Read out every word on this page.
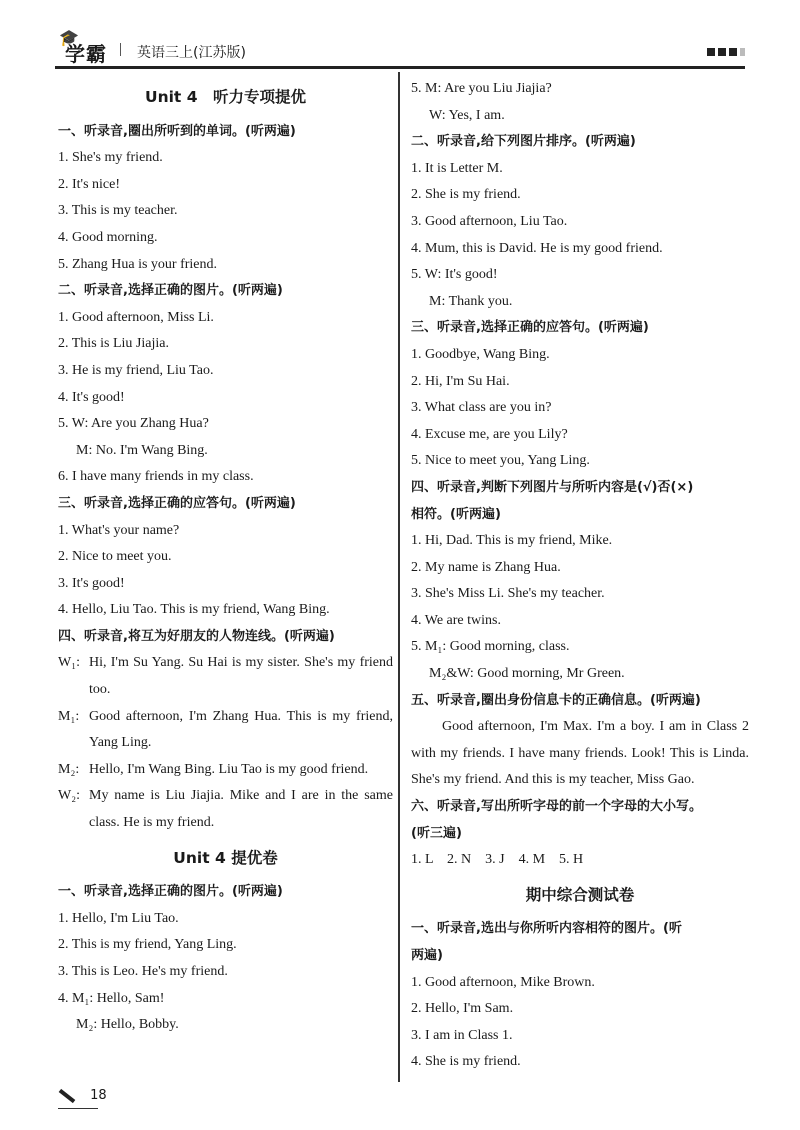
🎓
学霸 | 英语三上(江苏版)
Unit 4　听力专项提优
一、听录音,圈出所听到的单词。(听两遍)
1. She's my friend.
2. It's nice!
3. This is my teacher.
4. Good morning.
5. Zhang Hua is your friend.
二、听录音,选择正确的图片。(听两遍)
1. Good afternoon, Miss Li.
2. This is Liu Jiajia.
3. He is my friend, Liu Tao.
4. It's good!
5. W: Are you Zhang Hua?
M: No. I'm Wang Bing.
6. I have many friends in my class.
三、听录音,选择正确的应答句。(听两遍)
1. What's your name?
2. Nice to meet you.
3. It's good!
4. Hello, Liu Tao. This is my friend, Wang Bing.
四、听录音,将互为好朋友的人物连线。(听两遍)
W₁: Hi, I'm Su Yang. Su Hai is my sister. She's my friend too.
M₁: Good afternoon, I'm Zhang Hua. This is my friend, Yang Ling.
M₂: Hello, I'm Wang Bing. Liu Tao is my good friend.
W₂: My name is Liu Jiajia. Mike and I are in the same class. He is my friend.
Unit 4 提优卷
一、听录音,选择正确的图片。(听两遍)
1. Hello, I'm Liu Tao.
2. This is my friend, Yang Ling.
3. This is Leo. He's my friend.
4. M₁: Hello, Sam!
M₂: Hello, Bobby.
5. M: Are you Liu Jiajia?
W: Yes, I am.
二、听录音,给下列图片排序。(听两遍)
1. It is Letter M.
2. She is my friend.
3. Good afternoon, Liu Tao.
4. Mum, this is David. He is my good friend.
5. W: It's good!
M: Thank you.
三、听录音,选择正确的应答句。(听两遍)
1. Goodbye, Wang Bing.
2. Hi, I'm Su Hai.
3. What class are you in?
4. Excuse me, are you Lily?
5. Nice to meet you, Yang Ling.
四、听录音,判断下列图片与所听内容是(√)否(×)
相符。(听两遍)
1. Hi, Dad. This is my friend, Mike.
2. My name is Zhang Hua.
3. She's Miss Li. She's my teacher.
4. We are twins.
5. M₁: Good morning, class.
M₂&W: Good morning, Mr Green.
五、听录音,圈出身份信息卡的正确信息。(听两遍)
Good afternoon, I'm Max. I'm a boy. I am in Class 2 with my friends. I have many friends. Look! This is Linda. She's my friend. And this is my teacher, Miss Gao.
六、听录音,写出所听字母的前一个字母的大小写。
(听三遍)
1. L　2. N　3. J　4. M　5. H
期中综合测试卷
一、听录音,选出与你所听内容相符的图片。(听
两遍)
1. Good afternoon, Mike Brown.
2. Hello, I'm Sam.
3. I am in Class 1.
4. She is my friend.
18
